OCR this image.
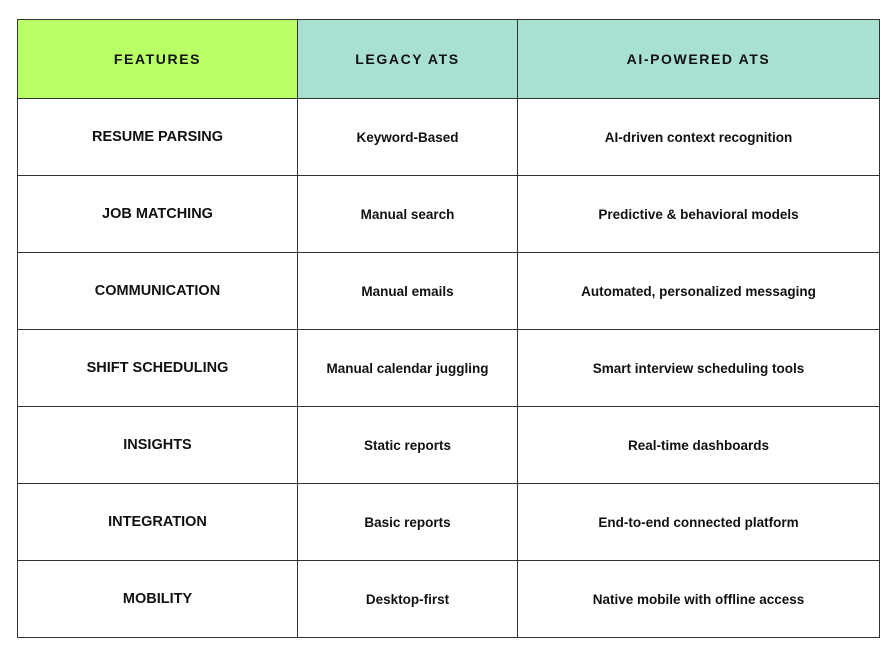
FEATURES	LEGACY ATS	AI-POWERED ATS
RESUME PARSING	Keyword-Based	AI-driven context recognition
JOB MATCHING	Manual search	Predictive & behavioral models
COMMUNICATION	Manual emails	Automated, personalized messaging
SHIFT SCHEDULING	Manual calendar juggling	Smart interview scheduling tools
INSIGHTS	Static reports	Real-time dashboards
INTEGRATION	Basic reports	End-to-end connected platform
MOBILITY	Desktop-first	Native mobile with offline access
